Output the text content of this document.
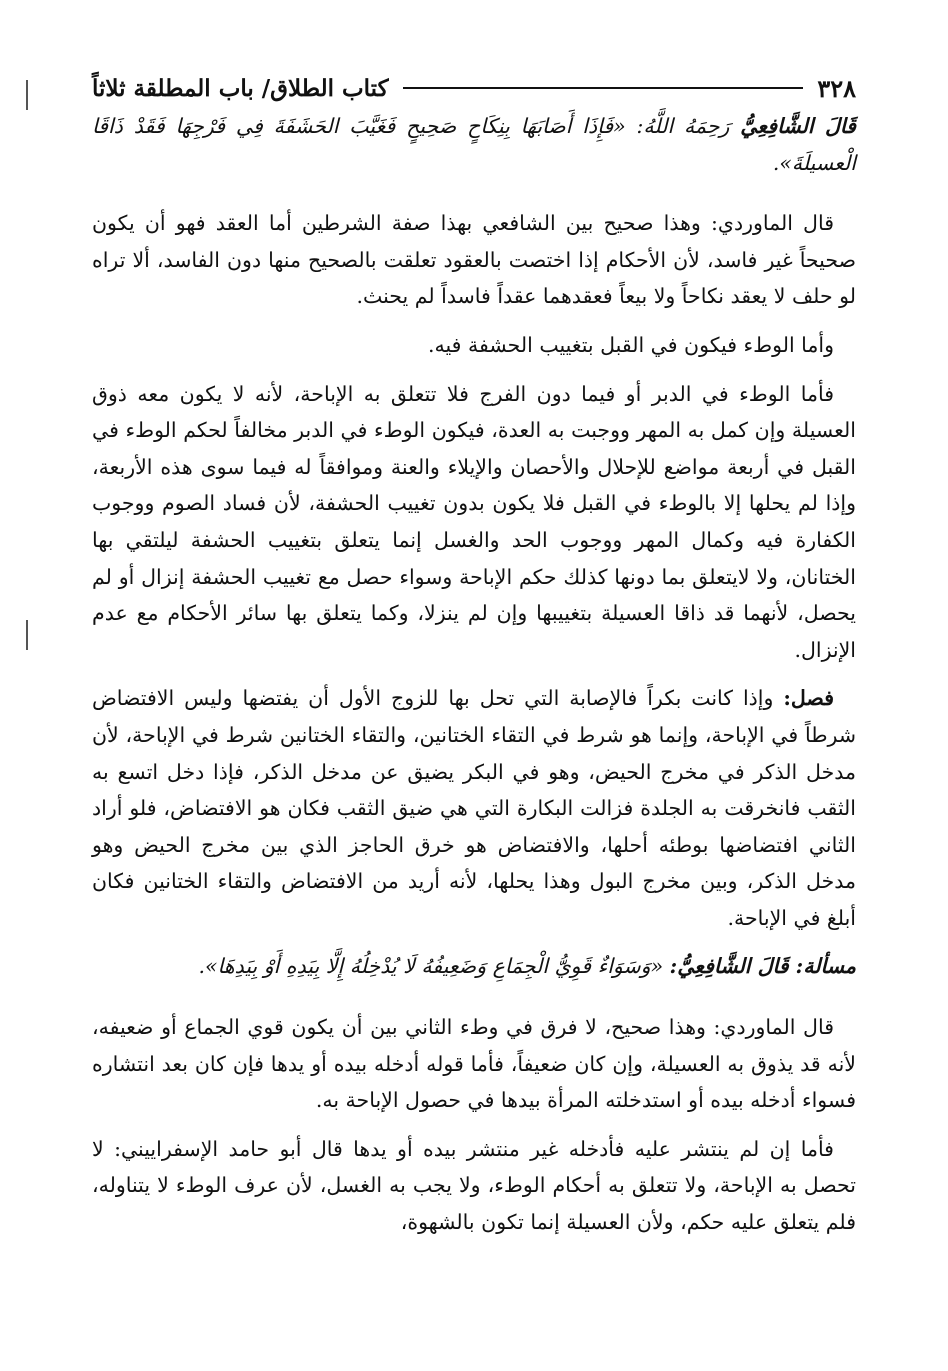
٣٢٨
كتاب الطلاق/ باب المطلقة ثلاثاً

قَالَ الشَّافِعِيُّ رَحِمَهُ اللَّهُ: «فَإِذَا أَصَابَهَا بِنِكَاحٍ صَحِيحٍ فَغَيَّبَ الحَشَفَةَ فِي فَرْجِهَا فَقَدْ ذَاقَا الْعسيلَةَ».

قال الماوردي: وهذا صحيح بين الشافعي بهذا صفة الشرطين أما العقد فهو أن يكون صحيحاً غير فاسد، لأن الأحكام إذا اختصت بالعقود تعلقت بالصحيح منها دون الفاسد، ألا تراه لو حلف لا يعقد نكاحاً ولا بيعاً فعقدهما عقداً فاسداً لم يحنث.

وأما الوطء فيكون في القبل بتغييب الحشفة فيه.

فأما الوطء في الدبر أو فيما دون الفرج فلا تتعلق به الإباحة، لأنه لا يكون معه ذوق العسيلة وإن كمل به المهر ووجبت به العدة، فيكون الوطء في الدبر مخالفاً لحكم الوطء في القبل في أربعة مواضع للإحلال والأحصان والإيلاء والعنة وموافقاً له فيما سوى هذه الأربعة، وإذا لم يحلها إلا بالوطء في القبل فلا يكون بدون تغييب الحشفة، لأن فساد الصوم ووجوب الكفارة فيه وكمال المهر ووجوب الحد والغسل إنما يتعلق بتغييب الحشفة ليلتقي بها الختانان، ولا لايتعلق بما دونها كذلك حكم الإباحة وسواء حصل مع تغييب الحشفة إنزال أو لم يحصل، لأنهما قد ذاقا العسيلة بتغييبها وإن لم ينزلا، وكما يتعلق بها سائر الأحكام مع عدم الإنزال.

فصل: وإذا كانت بكراً فالإصابة التي تحل بها للزوج الأول أن يفتضها وليس الافتضاض شرطاً في الإباحة، وإنما هو شرط في التقاء الختانين، والتقاء الختانين شرط في الإباحة، لأن مدخل الذكر في مخرج الحيض، وهو في البكر يضيق عن مدخل الذكر، فإذا دخل اتسع به الثقب فانخرقت به الجلدة فزالت البكارة التي هي ضيق الثقب فكان هو الافتضاض، فلو أراد الثاني افتضاضها بوطئه أحلها، والافتضاض هو خرق الحاجز الذي بين مخرج الحيض وهو مدخل الذكر، وبين مخرج البول وهذا يحلها، لأنه أريد من الافتضاض والتقاء الختانين فكان أبلغ في الإباحة.

مسألة: قَالَ الشَّافِعِيُّ: «وَسَوَاءٌ قَوِيُّ الْجِمَاعِ وَضَعِيفُهُ لَا يُدْخِلُهُ إِلَّا بِيَدِهِ أَوْ بِيَدِهَا».

قال الماوردي: وهذا صحيح، لا فرق في وطء الثاني بين أن يكون قوي الجماع أو ضعيفه، لأنه قد يذوق به العسيلة، وإن كان ضعيفاً، فأما قوله أدخله بيده أو يدها فإن كان بعد انتشاره فسواء أدخله بيده أو استدخلته المرأة بيدها في حصول الإباحة به.

فأما إن لم ينتشر عليه فأدخله غير منتشر بيده أو يدها قال أبو حامد الإسفراييني: لا تحصل به الإباحة، ولا تتعلق به أحكام الوطء، ولا يجب به الغسل، لأن عرف الوطء لا يتناوله، فلم يتعلق عليه حكم، ولأن العسيلة إنما تكون بالشهوة،
